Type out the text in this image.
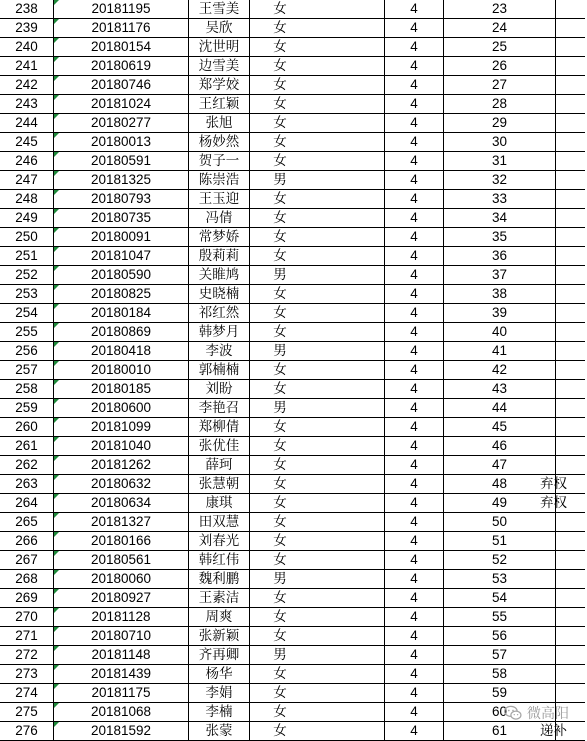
238	20181195	王雪美	女		4	23	
239	20181176	吴欣	女		4	24	
240	20180154	沈世明	女		4	25	
241	20180619	边雪美	女		4	26	
242	20180746	郑学姣	女		4	27	
243	20181024	王红颖	女		4	28	
244	20180277	张旭	女		4	29	
245	20180013	杨妙然	女		4	30	
246	20180591	贺子一	女		4	31	
247	20181325	陈崇浩	男		4	32	
248	20180793	王玉迎	女		4	33	
249	20180735	冯倩	女		4	34	
250	20180091	常梦娇	女		4	35	
251	20181047	殷莉莉	女		4	36	
252	20180590	关睢鸠	男		4	37	
253	20180825	史晓楠	女		4	38	
254	20180184	祁红然	女		4	39	
255	20180869	韩梦月	女		4	40	
256	20180418	李波	男		4	41	
257	20180010	郭楠楠	女		4	42	
258	20180185	刘盼	女		4	43	
259	20180600	李艳召	男		4	44	
260	20181099	郑柳倩	女		4	45	
261	20181040	张优佳	女		4	46	
262	20181262	薛珂	女		4	47	
263	20180632	张慧朝	女		4	48	弃权

264	20180634	康琪	女		4	49	弃权

265	20181327	田双慧	女		4	50	
266	20180166	刘春光	女		4	51	
267	20180561	韩红伟	女		4	52	
268	20180060	魏利鹏	男		4	53	
269	20180927	王素洁	女		4	54	
270	20181128	周爽	女		4	55	
271	20180710	张新颖	女		4	56	
272	20181148	齐再卿	男		4	57	
273	20181439	杨华	女		4	58	
274	20181175	李娟	女		4	59	
275	20181068	李楠	女		4	60	
276	20181592	张蒙	女		4	61	递补
微高阳
